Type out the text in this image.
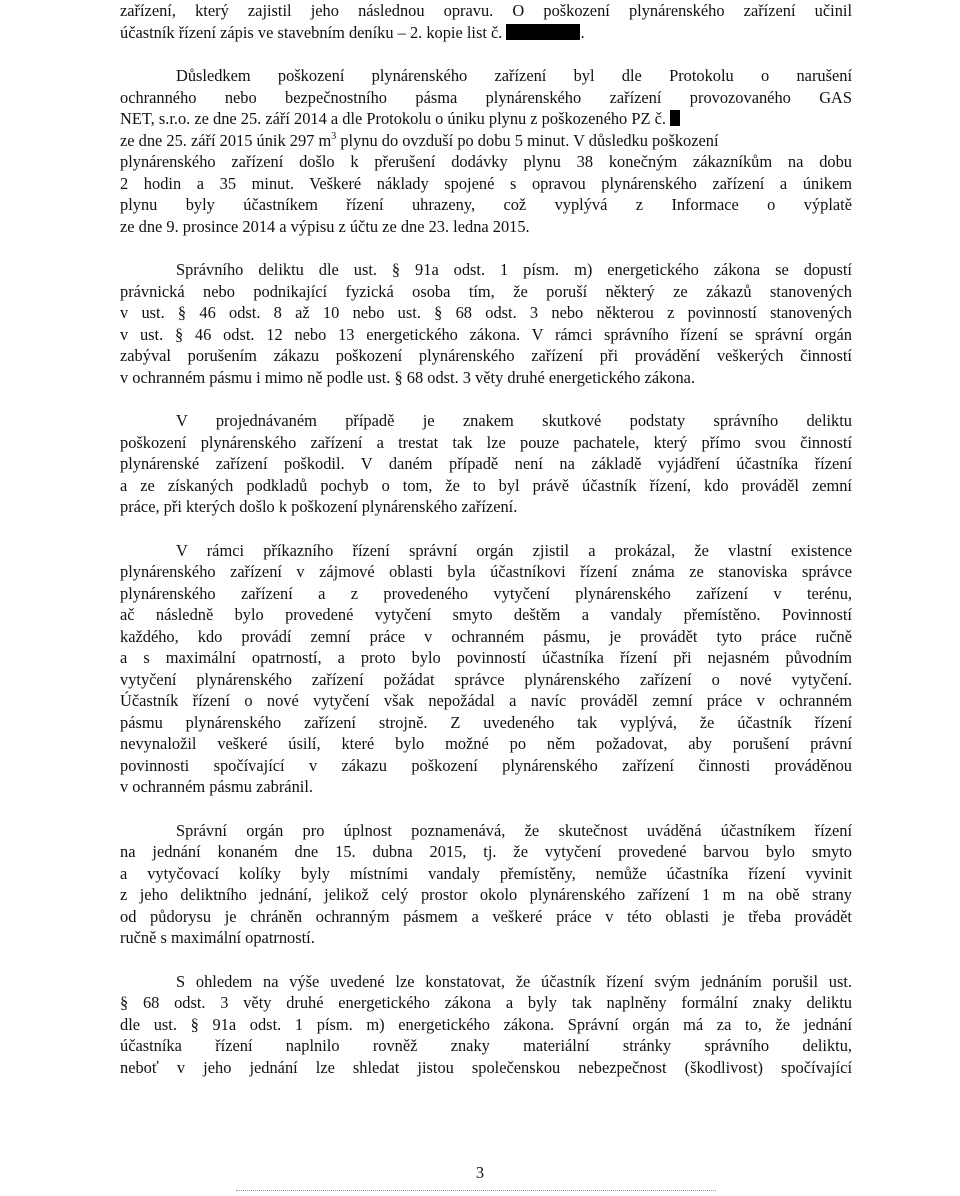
zařízení, který zajistil jeho následnou opravu. O poškození plynárenského zařízení učinil
účastník řízení zápis ve stavebním deníku – 2. kopie list č.	.
Důsledkem poškození plynárenského zařízení byl dle Protokolu o narušení
ochranného nebo bezpečnostního pásma plynárenského zařízení provozovaného GAS
NET, s.r.o. ze dne 25. září 2014 a dle Protokolu o úniku plynu z poškozeného PZ č.
ze dne 25. září 2015 únik 297 $m^3$ plynu do ovzduší po dobu 5 minut. V důsledku poškození
plynárenského zařízení došlo k přerušení dodávky plynu 38 konečným zákazníkům na dobu
2 hodin a 35 minut. Veškeré náklady spojené s opravou plynárenského zařízení a únikem
plynu byly účastníkem řízení uhrazeny, což vyplývá z Informace o výplatě
ze dne 9. prosince 2014 a výpisu z účtu ze dne 23. ledna 2015.
Správního deliktu dle ust. § 91a odst. 1 písm. m) energetického zákona se dopustí
právnická nebo podnikající fyzická osoba tím, že poruší některý ze zákazů stanovených
v ust. § 46 odst. 8 až 10 nebo ust. § 68 odst. 3 nebo některou z povinností stanovených
v ust. § 46 odst. 12 nebo 13 energetického zákona. V rámci správního řízení se správní orgán
zabýval porušením zákazu poškození plynárenského zařízení při provádění veškerých činností
v ochranném pásmu i mimo ně podle ust. § 68 odst. 3 věty druhé energetického zákona.
V projednávaném případě je znakem skutkové podstaty správního deliktu
poškození plynárenského zařízení a trestat tak lze pouze pachatele, který přímo svou činností
plynárenské zařízení poškodil. V daném případě není na základě vyjádření účastníka řízení
a ze získaných podkladů pochyb o tom, že to byl právě účastník řízení, kdo prováděl zemní
práce, při kterých došlo k poškození plynárenského zařízení.
V rámci příkazního řízení správní orgán zjistil a prokázal, že vlastní existence
plynárenského zařízení v zájmové oblasti byla účastníkovi řízení známa ze stanoviska správce
plynárenského zařízení a z provedeného vytyčení plynárenského zařízení v terénu,
ač následně bylo provedené vytyčení smyto deštěm a vandaly přemístěno. Povinností
každého, kdo provádí zemní práce v ochranném pásmu, je provádět tyto práce ručně
a s maximální opatrností, a proto bylo povinností účastníka řízení při nejasném původním
vytyčení plynárenského zařízení požádat správce plynárenského zařízení o nové vytyčení.
Účastník řízení o nové vytyčení však nepožádal a navíc prováděl zemní práce v ochranném
pásmu plynárenského zařízení strojně. Z uvedeného tak vyplývá, že účastník řízení
nevynaložil veškeré úsilí, které bylo možné po něm požadovat, aby porušení právní
povinnosti spočívající v zákazu poškození plynárenského zařízení činnosti prováděnou
v ochranném pásmu zabránil.
Správní orgán pro úplnost poznamenává, že skutečnost uváděná účastníkem řízení
na jednání konaném dne 15. dubna 2015, tj. že vytyčení provedené barvou bylo smyto
a vytyčovací kolíky byly místními vandaly přemístěny, nemůže účastníka řízení vyvinit
z jeho deliktního jednání, jelikož celý prostor okolo plynárenského zařízení 1 m na obě strany
od půdorysu je chráněn ochranným pásmem a veškeré práce v této oblasti je třeba provádět
ručně s maximální opatrností.
S ohledem na výše uvedené lze konstatovat, že účastník řízení svým jednáním porušil ust.
§ 68 odst. 3 věty druhé energetického zákona a byly tak naplněny formální znaky deliktu
dle ust. § 91a odst. 1 písm. m) energetického zákona. Správní orgán má za to, že jednání
účastníka řízení naplnilo rovněž znaky materiální stránky správního deliktu,
neboť v jeho jednání lze shledat jistou společenskou nebezpečnost (škodlivost) spočívající
3
